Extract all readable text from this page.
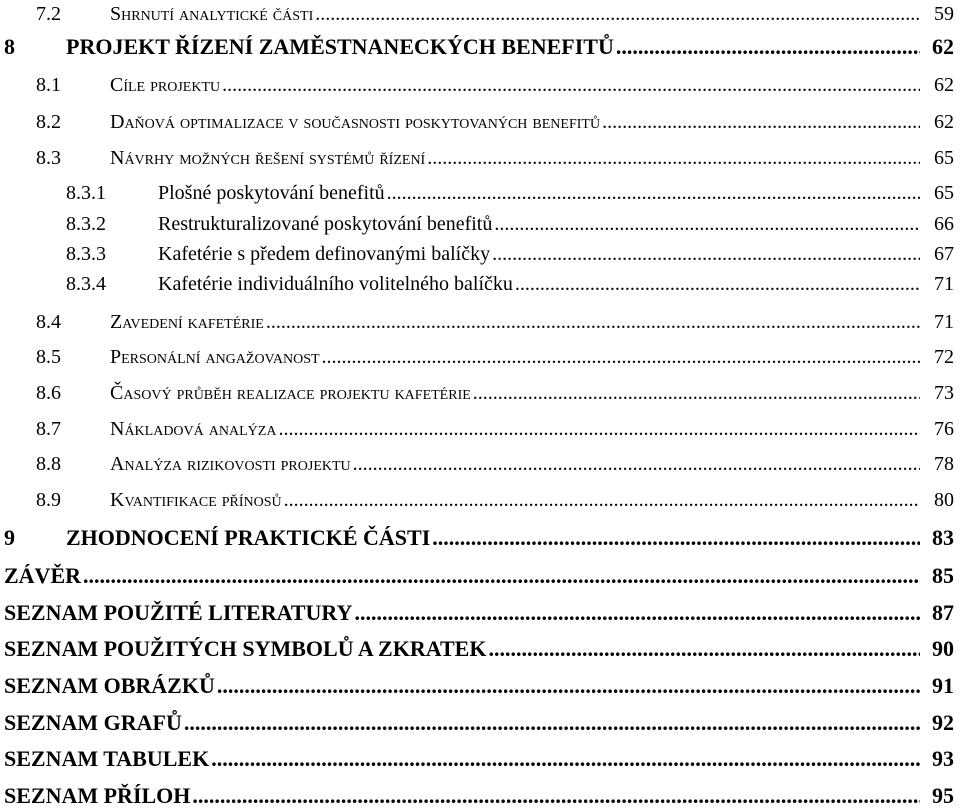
7.2 Shrnutí analytické části .....	59
8 PROJEKT ŘÍZENÍ ZAMĚSTNANECKÝCH BENEFITŮ .....	62
8.1 Cíle projektu .....	62
8.2 Daňová optimalizace v současnosti poskytovaných benefitů .....	62
8.3 Návrhy možných řešení systémů řízení .....	65
8.3.1	Plošné poskytování benefitů .....	65
8.3.2	Restrukturalizované poskytování benefitů .....	66
8.3.3	Kafetérie s předem definovanými balíčky .....	67
8.3.4	Kafetérie individuálního volitelného balíčku .....	71
8.4 Zavedení kafetérie .....	71
8.5 Personální angažovanost .....	72
8.6 Časový průběh realizace projektu kafetérie .....	73
8.7 Nákladová analýza .....	76
8.8 Analýza rizikovosti projektu .....	78
8.9 Kvantifikace přínosů .....	80
9 ZHODNOCENÍ PRAKTICKÉ ČÁSTI .....	83
ZÁVĚR .....	85
SEZNAM POUŽITÉ LITERATURY .....	87
SEZNAM POUŽITÝCH SYMBOLŮ A ZKRATEK .....	90
SEZNAM OBRÁZKŮ .....	91
SEZNAM GRAFŮ .....	92
SEZNAM TABULEK .....	93
SEZNAM PŘÍLOH .....	95
